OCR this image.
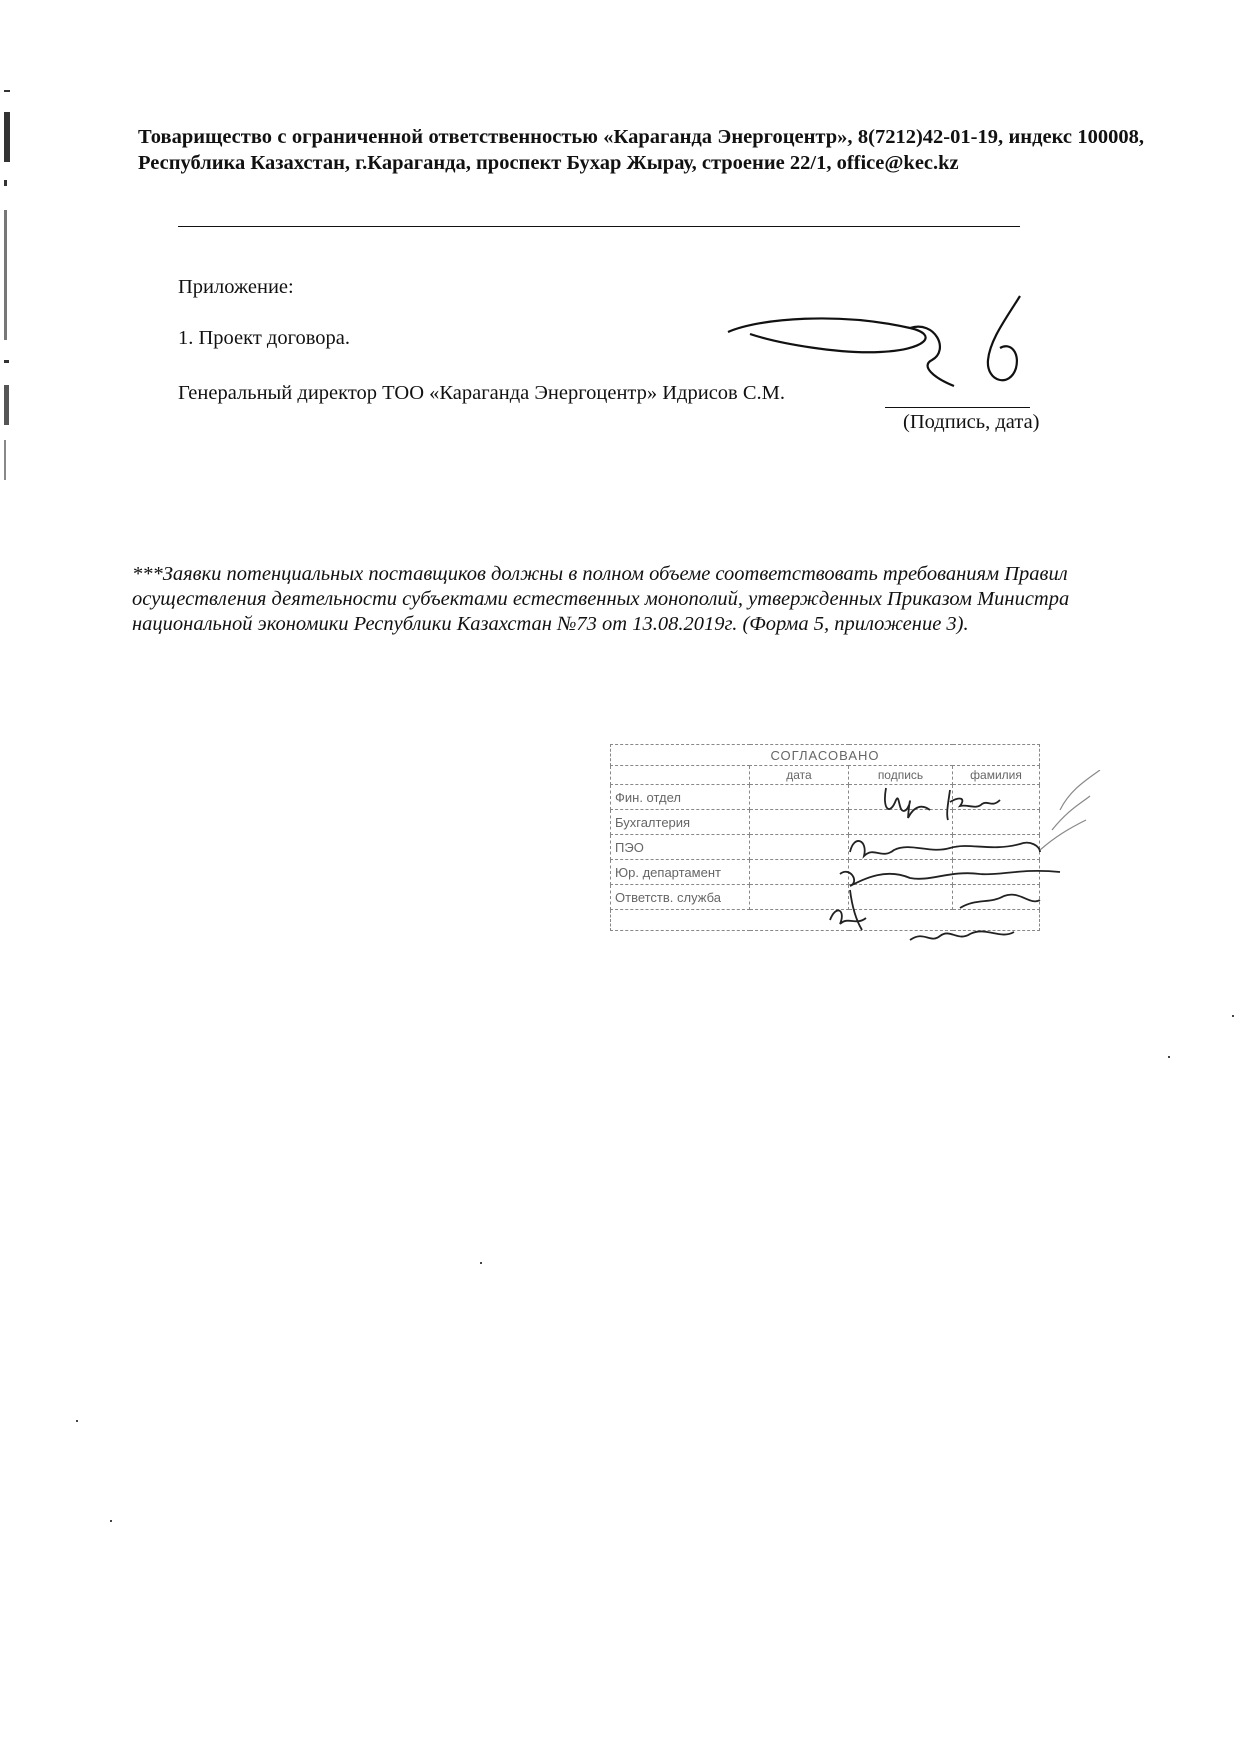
Товарищество с ограниченной ответственностью «Караганда Энергоцентр», 8(7212)42-01-19, индекс 100008, Республика Казахстан, г.Караганда, проспект Бухар Жырау, строение 22/1, office@kec.kz
Приложение:
1. Проект договора.
Генеральный директор ТОО «Караганда Энергоцентр» Идрисов С.М.
(Подпись, дата)
***Заявки потенциальных поставщиков должны в полном объеме соответствовать требованиям Правил осуществления деятельности субъектами естественных монополий, утвержденных Приказом Министра национальной экономики Республики Казахстан №73 от 13.08.2019г. (Форма 5, приложение 3).
СОГЛАСОВАНО			
	дата	подпись	фамилия
Фин. отдел			
Бухгалтерия			
ПЭО			
Юр. департамент			
Ответств. служба			
